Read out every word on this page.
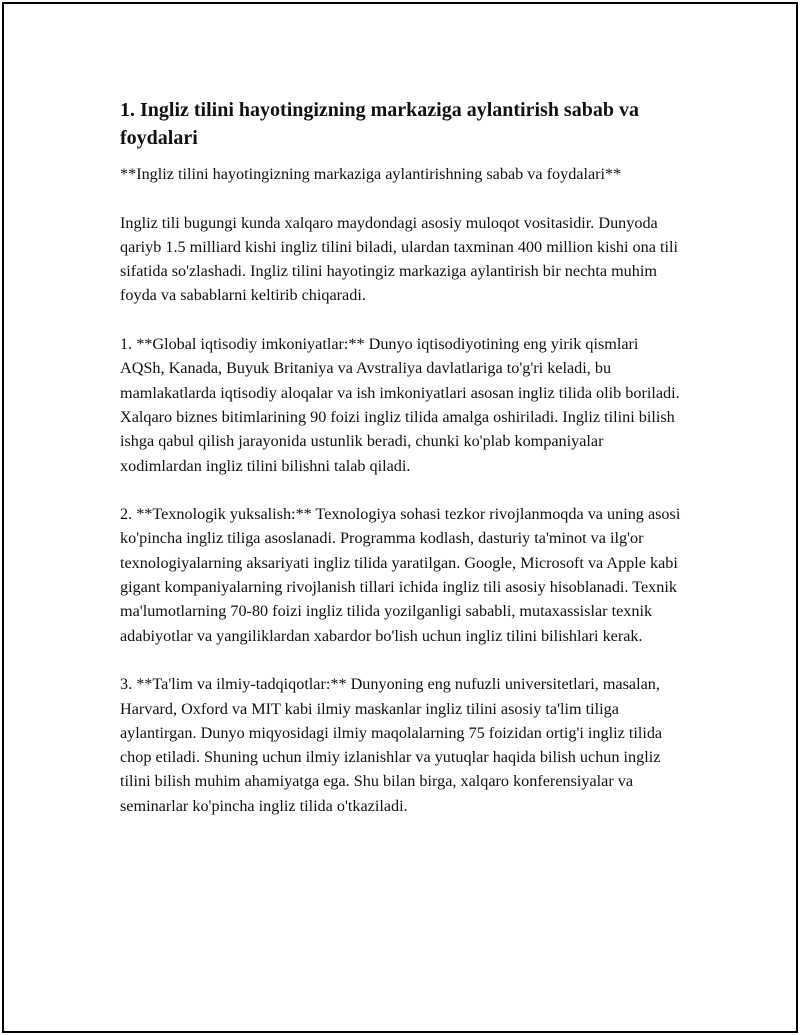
1. Ingliz tilini hayotingizning markaziga aylantirish sabab va foydalari

**Ingliz tilini hayotingizning markaziga aylantirishning sabab va foydalari**

Ingliz tili bugungi kunda xalqaro maydondagi asosiy muloqot vositasidir. Dunyoda qariyb 1.5 milliard kishi ingliz tilini biladi, ulardan taxminan 400 million kishi ona tili sifatida so'zlashadi. Ingliz tilini hayotingiz markaziga aylantirish bir nechta muhim foyda va sabablarni keltirib chiqaradi.

1. **Global iqtisodiy imkoniyatlar:** Dunyo iqtisodiyotining eng yirik qismlari AQSh, Kanada, Buyuk Britaniya va Avstraliya davlatlariga to'g'ri keladi, bu mamlakatlarda iqtisodiy aloqalar va ish imkoniyatlari asosan ingliz tilida olib boriladi. Xalqaro biznes bitimlarining 90 foizi ingliz tilida amalga oshiriladi. Ingliz tilini bilish ishga qabul qilish jarayonida ustunlik beradi, chunki ko'plab kompaniyalar xodimlardan ingliz tilini bilishni talab qiladi.

2. **Texnologik yuksalish:** Texnologiya sohasi tezkor rivojlanmoqda va uning asosi ko'pincha ingliz tiliga asoslanadi. Programma kodlash, dasturiy ta'minot va ilg'or texnologiyalarning aksariyati ingliz tilida yaratilgan. Google, Microsoft va Apple kabi gigant kompaniyalarning rivojlanish tillari ichida ingliz tili asosiy hisoblanadi. Texnik ma'lumotlarning 70-80 foizi ingliz tilida yozilganligi sababli, mutaxassislar texnik adabiyotlar va yangiliklardan xabardor bo'lish uchun ingliz tilini bilishlari kerak.

3. **Ta'lim va ilmiy-tadqiqotlar:** Dunyoning eng nufuzli universitetlari, masalan, Harvard, Oxford va MIT kabi ilmiy maskanlar ingliz tilini asosiy ta'lim tiliga aylantirgan. Dunyo miqyosidagi ilmiy maqolalarning 75 foizidan ortig'i ingliz tilida chop etiladi. Shuning uchun ilmiy izlanishlar va yutuqlar haqida bilish uchun ingliz tilini bilish muhim ahamiyatga ega. Shu bilan birga, xalqaro konferensiyalar va seminarlar ko'pincha ingliz tilida o'tkaziladi.
